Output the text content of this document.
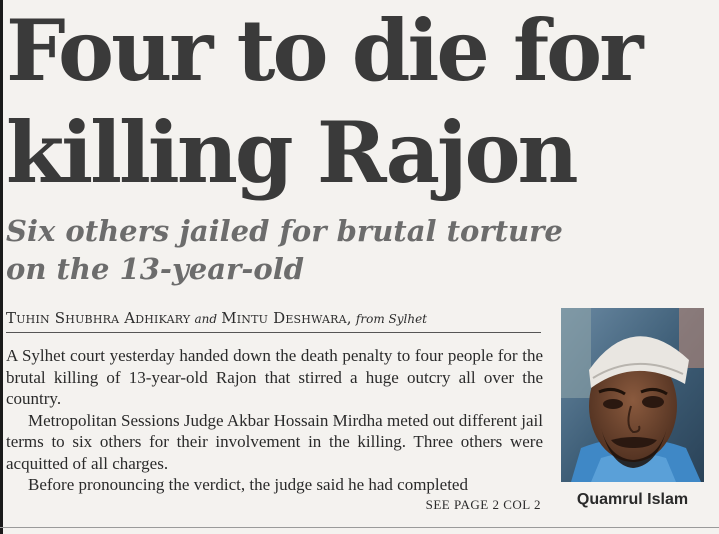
Four to die for
killing Rajon
Six others jailed for brutal torture
on the 13-year-old
Tuhin Shubhra Adhikary and Mintu Deshwara, from Sylhet

A Sylhet court yesterday handed down the death penalty to four people for the brutal killing of 13-year-old Rajon that stirred a huge outcry all over the country.

Metropolitan Sessions Judge Akbar Hossain Mirdha meted out different jail terms to six others for their involvement in the killing. Three others were acquitted of all charges.

Before pronouncing the verdict, the judge said he had completed

SEE PAGE 2 COL 2	Quamrul Islam
